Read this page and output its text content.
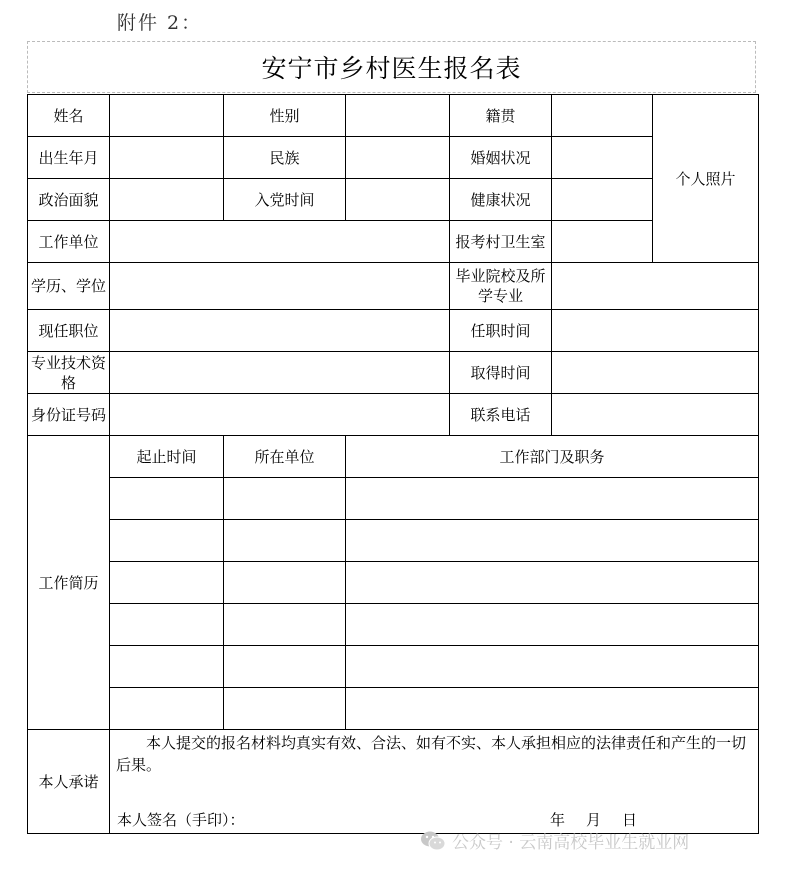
附件 2：
安宁市乡村医生报名表
姓名		性别		籍贯		个人照片
出生年月		民族		婚姻状况		
政治面貌		入党时间		健康状况		
工作单位				报考村卫生室		
学历、学位				毕业院校及所学专业		
现任职位				任职时间		
专业技术资格				取得时间		
身份证号码				联系电话		
工作简历	起止时间	所在单位	工作部门及职务			

本人承诺	本人提交的报名材料均真实有效、合法、如有不实、本人承担相应的法律责任和产生的一切后果。
本人签名（手印）： 年 月 日					
公众号 · 云南高校毕业生就业网
